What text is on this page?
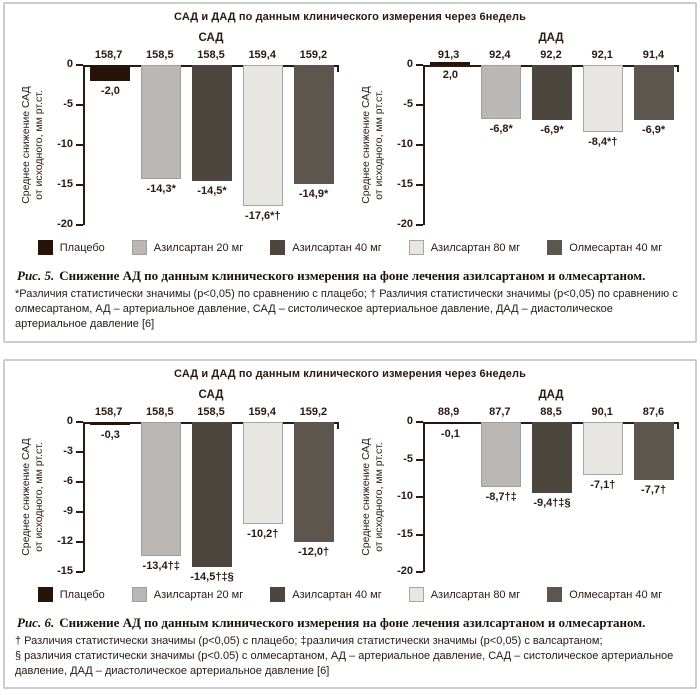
САД и ДАД по данным клинического измерения через 6недель
САД
158,7	158,5	158,5	159,4	159,2
Среднее снижение САД от исходного, мм рт.ст.
0
-5
-10
-15
-20
-2,0
-14,3* -14,5*
-17,6*†
-14,9*
ДАД
91,3	92,4	92,2	92,1	91,4
Среднее снижение САД от исходного, мм рт.ст.
0
-5
-10
-15
-20
2,0
-6,8*	-6,9*
-8,4*†
-6,9*
Плацебо	Азилсартан 20 мг	Азилсартан 40 мг	Азилсартан 80 мг	Олмесартан 40 мг

Рис. 5. Снижение АД по данным клинического измерения на фоне лечения азилсартаном и олмесартаном.

*Различия статистически значимы (p<0,05) по сравнению с плацебо; † Различия статистически значимы (p<0,05) по сравнению с олмесартаном, АД – артериальное давление, САД – систолическое артериальное давление, ДАД – диастолическое артериальное давление [6]
САД и ДАД по данным клинического измерения через 6недель
САД
158,7	158,5	158,5	159,4	159,2
Среднее снижение САД от исходного, мм рт.ст.
0
-3
-6
-9
-12
-15
-0,3
-13,4†‡
-14,5†‡§
-10,2†
-12,0†
ДАД
88,9	87,7	88,5	90,1	87,6
Среднее снижение САД от исходного, мм рт.ст.
0
-5
-10
-15
-20
-0,1
-8,7†‡ -9,4†‡§
-7,1† -7,7†
Плацебо	Азилсартан 20 мг	Азилсартан 40 мг	Азилсартан 80 мг	Олмесартан 40 мг

Рис. 6. Снижение АД по данным клинического измерения на фоне лечения азилсартаном и олмесартаном.

† Различия статистически значимы (p<0,05) с плацебо; ‡различия статистически значимы (p<0,05) с валсартаном;
§ различия статистически значимы (p<0.05) с олмесартаном, АД – артериальное давление, САД – систолическое артериальное давление, ДАД – диастолическое артериальное давление [6]
